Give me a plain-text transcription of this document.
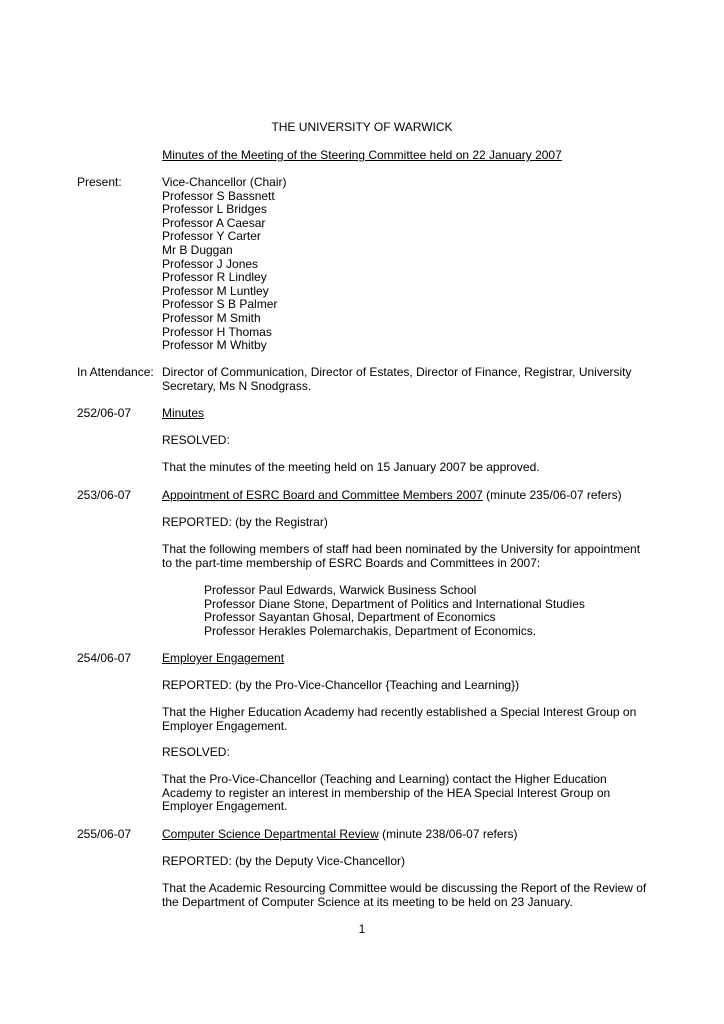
THE UNIVERSITY OF WARWICK
Minutes of the Meeting of the Steering Committee held on 22 January 2007
Present:	Vice-Chancellor (Chair)
Professor S Bassnett
Professor L Bridges
Professor A Caesar
Professor Y Carter
Mr B Duggan
Professor J Jones
Professor R Lindley
Professor M Luntley
Professor S B Palmer
Professor M Smith
Professor H Thomas
Professor M Whitby
In Attendance: Director of Communication, Director of Estates, Director of Finance, Registrar, University Secretary, Ms N Snodgrass.
252/06-07	Minutes
RESOLVED:
That the minutes of the meeting held on 15 January 2007 be approved.
253/06-07	Appointment of ESRC Board and Committee Members 2007 (minute 235/06-07 refers)
REPORTED: (by the Registrar)
That the following members of staff had been nominated by the University for appointment to the part-time membership of ESRC Boards and Committees in 2007:
Professor Paul Edwards, Warwick Business School
Professor Diane Stone, Department of Politics and International Studies
Professor Sayantan Ghosal, Department of Economics
Professor Herakles Polemarchakis, Department of Economics.
254/06-07	Employer Engagement
REPORTED: (by the Pro-Vice-Chancellor {Teaching and Learning})
That the Higher Education Academy had recently established a Special Interest Group on Employer Engagement.
RESOLVED:
That the Pro-Vice-Chancellor (Teaching and Learning) contact the Higher Education Academy to register an interest in membership of the HEA Special Interest Group on Employer Engagement.
255/06-07	Computer Science Departmental Review (minute 238/06-07 refers)
REPORTED: (by the Deputy Vice-Chancellor)
That the Academic Resourcing Committee would be discussing the Report of the Review of the Department of Computer Science at its meeting to be held on 23 January.
1
